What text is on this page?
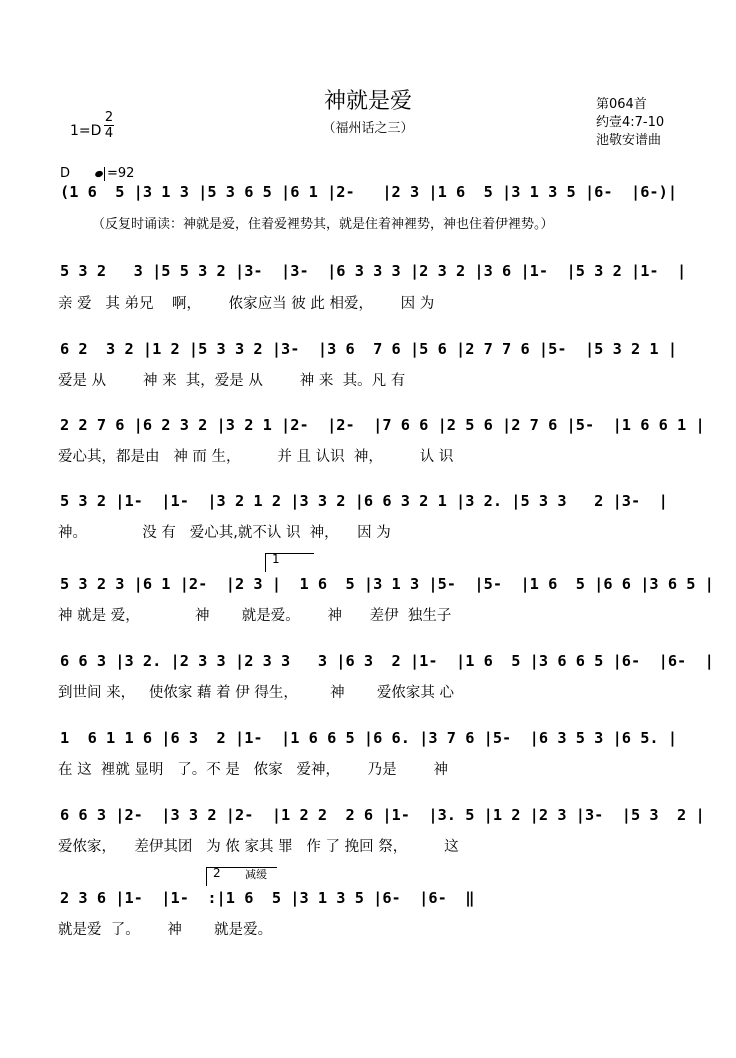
神就是爱
（福州话之三）
1=D
2
4
第064首
约壹4:7-10
池敬安谱曲
D	=92
（反复时诵读：神就是爱，住着爱裡势其，就是住着神裡势，神也住着伊裡势。）
(1 6  5 |3 1 3 |5 3 6 5 |6 1 |2-   |2 3 |1 6  5 |3 1 3 5 |6-  |6-)|
5 3 2   3 |5 5 3 2 |3-  |3-  |6 3 3 3 |2 3 2 |3 6 |1-  |5 3 2 |1-  |
亲 爱   其 弟兄    啊，      侬家应当 彼 此 相爱，      因 为
6 2  3 2 |1 2 |5 3 3 2 |3-  |3 6  7 6 |5 6 |2 7 7 6 |5-  |5 3 2 1 |
爱是 从        神 来  其，爱是 从        神 来  其。凡 有
2 2 7 6 |6 2 3 2 |3 2 1 |2-  |2-  |7 6 6 |2 5 6 |2 7 6 |5-  |1 6 6 1 |
爱心其，都是由   神 而 生，        并 且 认识  神，        认 识
5 3 2 |1-  |1-  |3 2 1 2 |3 3 2 |6 6 3 2 1 |3 2. |5 3 3   2 |3-  |
神。            没 有   爱心其,就不认 识  神，    因 为
1
5 3 2 3 |6 1 |2-  |2 3 |  1 6  5 |3 1 3 |5-  |5-  |1 6  5 |6 6 |3 6 5 |
神 就是 爱，            神       就是爱。      神      差伊  独生子
6 6 3 |3 2. |2 3 3 |2 3 3   3 |6 3  2 |1-  |1 6  5 |3 6 6 5 |6-  |6-  |
到世间 来，   使侬家 藉 着 伊 得生，       神       爱侬家其 心
1  6 1 1 6 |6 3  2 |1-  |1 6 6 5 |6 6. |3 7 6 |5-  |6 3 5 3 |6 5. |
在 这  裡就 显明   了。不 是   侬家   爱神，      乃是        神
6 6 3 |2-  |3 3 2 |2-  |1 2 2  2 6 |1-  |3. 5 |1 2 |2 3 |3-  |5 3  2 |
爱侬家，    差伊其团   为 侬 家其 罪   作 了 挽回 祭，        这
2 减缓
2 3 6 |1-  |1-  :|1 6  5 |3 1 3 5 |6-  |6-  ‖
就是爱  了。      神       就是爱。
